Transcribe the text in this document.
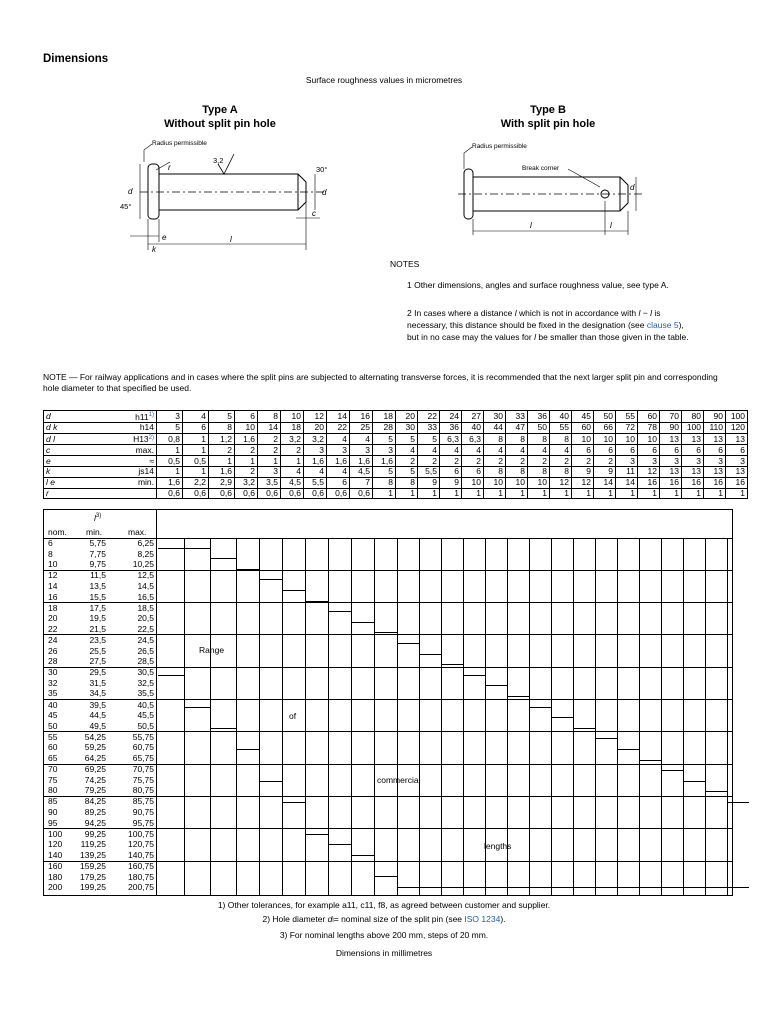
Dimensions
Surface roughness values in micrometres
Type A
Without split pin hole
Radius permissible
3,2
45°
30°
d	d
e
k
l
c
r
Type B
With split pin hole
Radius permissible
Break corner
d
l	l
NOTES
1 Other dimensions, angles and surface roughness value, see type A.
2 In cases where a distance l which is not in accordance with l − l is necessary, this distance should be fixed in the designation (see clause 5), but in no case may the values for l be smaller than those given in the table.
NOTE — For railway applications and in cases where the split pins are subjected to alternating transverse forces, it is recommended that the next larger split pin and corresponding hole diameter to that specified be used.
d	h11$^{1)}$	3	4	5	6	8	10	12	14	16	18	20	22	24	27	30	33	36	40	45	50	55	60	70	80	90	100
d k	h14	5	6	8	10	14	18	20	22	25	28	30	33	36	40	44	47	50	55	60	66	72	78	90	100	110	120
d l	H13$^{2)}$	0,8	1	1,2	1,6	2	3,2	3,2	4	4	5	5	5	6,3	6,3	8	8	8	8	10	10	10	10	13	13	13	13
c	max.	1	1	2	2	2	2	3	3	3	3	4	4	4	4	4	4	4	4	6	6	6	6	6	6	6	6
e	≈	0,5	0,5	1	1	1	1	1,6	1,6	1,6	1,6	2	2	2	2	2	2	2	2	2	2	3	3	3	3	3	3
k	js14	1	1	1,6	2	3	4	4	4	4,5	5	5	5,5	6	6	8	8	8	8	9	9	11	12	13	13	13	13
l e	min.	1,6	2,2	2,9	3,2	3,5	4,5	5,5	6	7	8	8	9	9	10	10	10	10	12	12	14	14	16	16	16	16	16
r		0,6	0,6	0,6	0,6	0,6	0,6	0,6	0,6	0,6	1	1	1	1	1	1	1	1	1	1	1	1	1	1	1	1	1
$l^{3)}$
nom. min.	max.
6	5,75	6,25
8	7,75	8,25
10	9,75	10,25
12	11,5	12,5
14	13,5	14,5
16	15,5	16,5
18	17,5	18,5
20	19,5	20,5
22	21,5	22,5
24	23,5	24,5
26	25,5	26,5
28	27,5	28,5
30	29,5	30,5
32	31,5	32,5
35	34,5	35,5
40	39,5	40,5
45	44,5	45,5
50	49,5	50,5
55	54,25	55,75
60	59,25	60,75
65	64,25	65,75
70	69,25	70,75
75	74,25	75,75
80	79,25	80,75
85	84,25	85,75
90	89,25	90,75
95	94,25	95,75
100	99,25	100,75
120 119,25	120,75
140 139,25	140,75
160 159,25	160,75
180 179,25	180,75
200 199,25	200,75
Range
of
commercial
lengths
1) Other tolerances, for example a11, c11, f8, as agreed between customer and supplier.
2) Hole diameter dl= nominal size of the split pin (see ISO 1234).
3) For nominal lengths above 200 mm, steps of 20 mm.
Dimensions in millimetres
